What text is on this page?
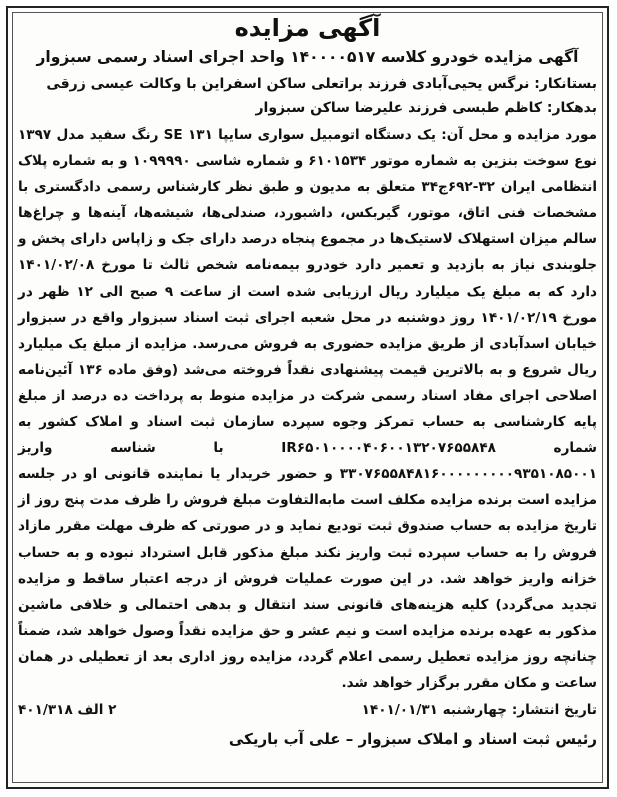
آگهی مزایده
آگهی مزایده خودرو کلاسه ۱۴۰۰۰۰۵۱۷ واحد اجرای اسناد رسمی سبزوار
بستانکار: نرگس یحیی‌آبادی فرزند براتعلی ساکن اسفراین با وکالت عیسی زرقی
بدهکار: کاظم طبسی فرزند علیرضا ساکن سبزوار
مورد مزایده و محل آن: یک دستگاه اتومبیل سواری سایپا ۱۳۱ SE رنگ سفید مدل ۱۳۹۷ نوع سوخت بنزین به شماره موتور ۶۱۰۱۵۳۴ و شماره شاسی ۱۰۹۹۹۹۰ و به شماره پلاک انتظامی ایران ۳۲-۶۹۲ج۳۴ متعلق به مدیون و طبق نظر کارشناس رسمی دادگستری با مشخصات فنی اتاق، موتور، گیربکس، داشبورد، صندلی‌ها، شیشه‌ها، آینه‌ها و چراغ‌ها سالم میزان استهلاک لاستیک‌ها در مجموع پنجاه درصد دارای جک و زاپاس دارای پخش و جلوبندی نیاز به بازدید و تعمیر دارد خودرو بیمه‌نامه شخص ثالث تا مورخ ۱۴۰۱/۰۲/۰۸ دارد که به مبلغ یک میلیارد ریال ارزیابی شده است از ساعت ۹ صبح الی ۱۲ ظهر در مورخ ۱۴۰۱/۰۲/۱۹ روز دوشنبه در محل شعبه اجرای ثبت اسناد سبزوار واقع در سبزوار خیابان اسدآبادی از طریق مزایده حضوری به فروش می‌رسد. مزایده از مبلغ یک میلیارد ریال شروع و به بالاترین قیمت پیشنهادی نقداً فروخته می‌شد (وفق ماده ۱۳۶ آئین‌نامه اصلاحی اجرای مفاد اسناد رسمی شرکت در مزایده منوط به پرداخت ده درصد از مبلغ پایه کارشناسی به حساب تمرکز وجوه سپرده سازمان ثبت اسناد و املاک کشور به شماره IR۶۵۰۱۰۰۰۰۴۰۶۰۰۱۳۲۰۷۶۵۵۸۴۸ با شناسه واریز ۳۳۰۷۶۵۵۸۴۸۱۶۰۰۰۰۰۰۰۰۰۹۳۵۱۰۸۵۰۰۱ و حضور خریدار یا نماینده قانونی او در جلسه مزایده است برنده مزایده مکلف است مابه‌التفاوت مبلغ فروش را ظرف مدت پنج روز از تاریخ مزایده به حساب صندوق ثبت تودیع نماید و در صورتی که ظرف مهلت مقرر مازاد فروش را به حساب سپرده ثبت واریز نکند مبلغ مذکور قابل استرداد نبوده و به حساب خزانه واریز خواهد شد. در این صورت عملیات فروش از درجه اعتبار ساقط و مزایده تجدید می‌گردد) کلیه هزینه‌های قانونی سند انتقال و بدهی احتمالی و خلافی ماشین مذکور به عهده برنده مزایده است و نیم عشر و حق مزایده نقداً وصول خواهد شد، ضمناً چنانچه روز مزایده تعطیل رسمی اعلام گردد، مزایده روز اداری بعد از تعطیلی در همان ساعت و مکان مقرر برگزار خواهد شد.
تاریخ انتشار: چهارشنبه ۱۴۰۱/۰۱/۳۱
۲ الف ۴۰۱/۳۱۸
رئیس ثبت اسناد و املاک سبزوار – علی آب باریکی
